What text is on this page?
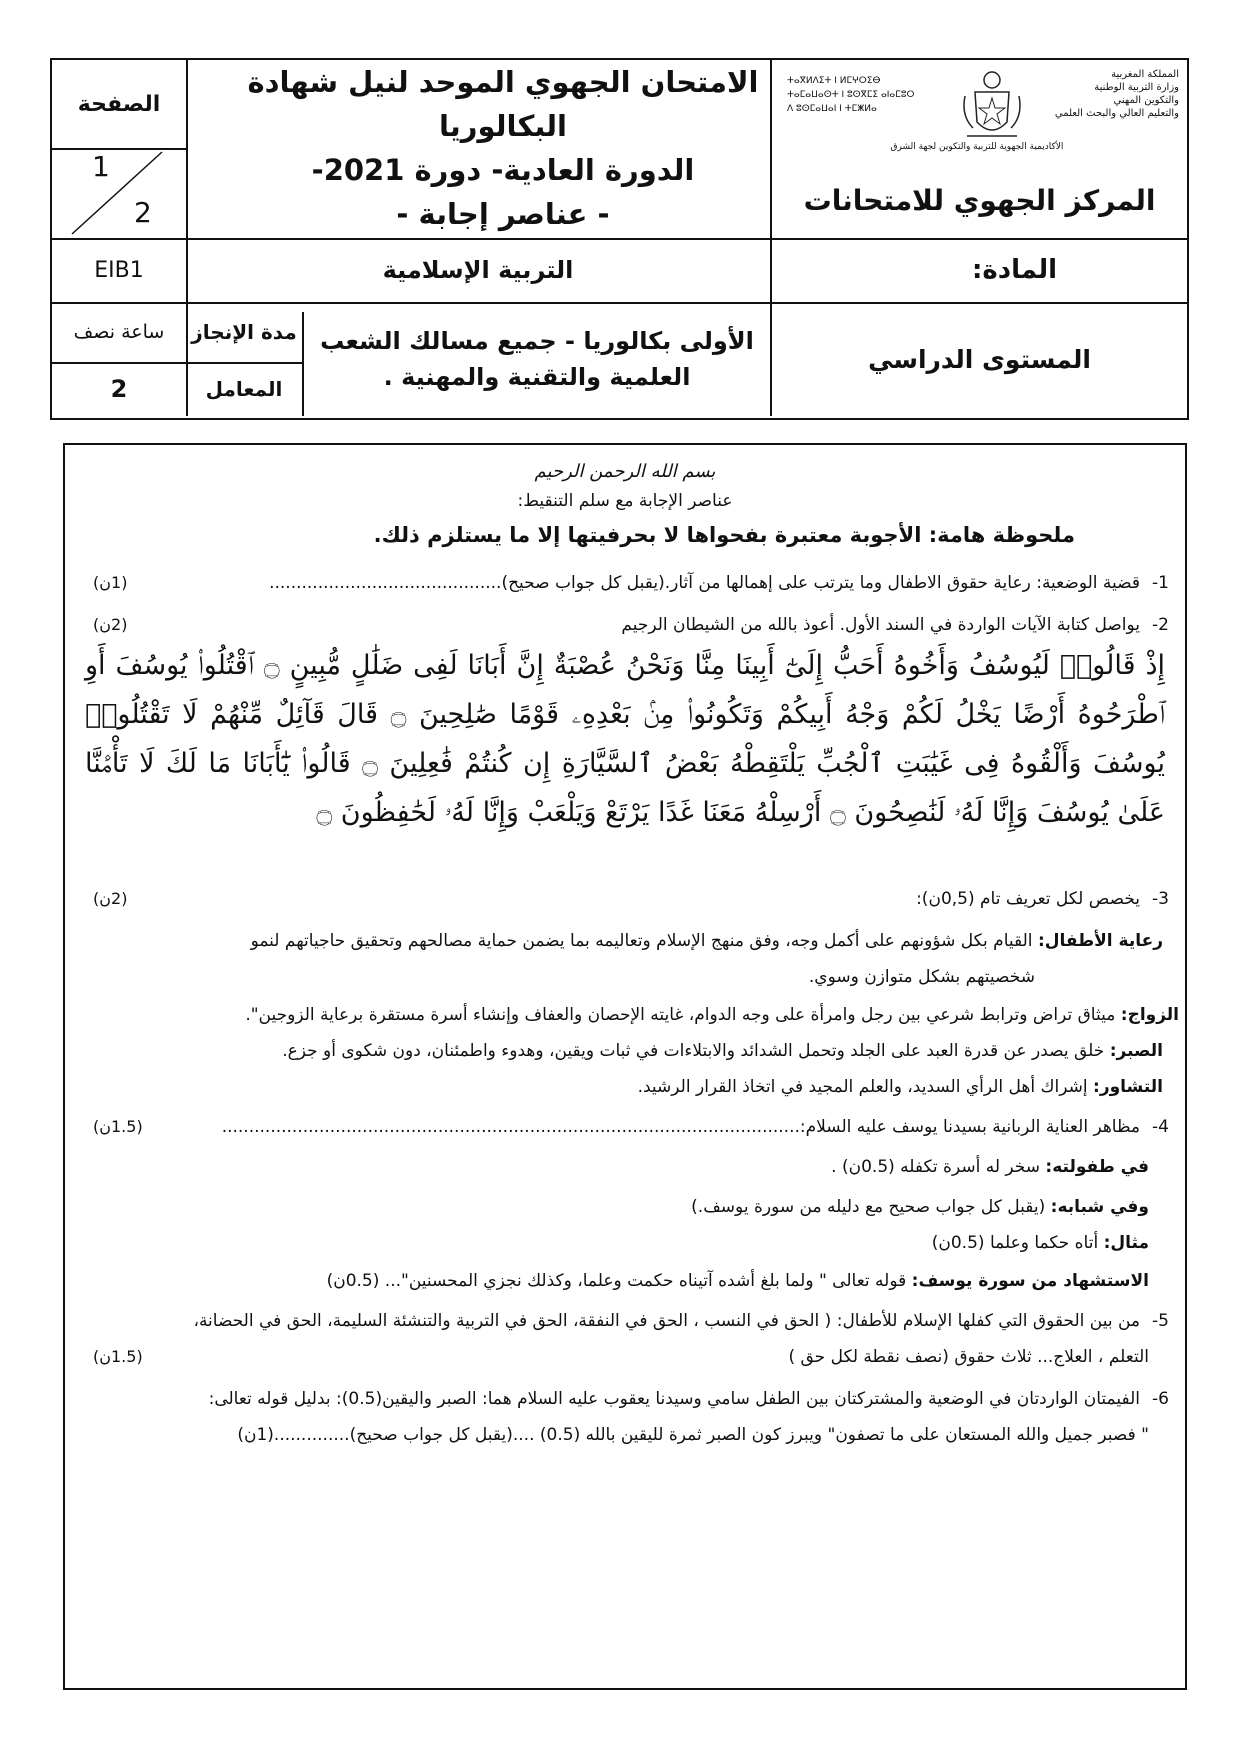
المملكة المغربية
وزارة التربية الوطنية
والتكوين المهني
والتعليم العالي والبحث العلمي
ⵜⴰⴳⵍⴷⵉⵜ ⵏ ⵍⵎⵖⵔⵉⴱ
ⵜⴰⵎⴰⵡⴰⵙⵜ ⵏ ⵓⵙⴳⵎⵉ ⴰⵏⴰⵎⵓⵔ
ⴷ ⵓⵙⵎⴰⵡⴰⵏ ⵏ ⵜⵎⵥⵍⴰ
الأكاديمية الجهوية للتربية والتكوين لجهة الشرق
المركز الجهوي للامتحانات
الامتحان الجهوي الموحد لنيل شهادة البكالوريا
الدورة العادية- دورة 2021-
- عناصر إجابة -
الصفحة
1
2
المادة:
التربية الإسلامية
EIB1
المستوى الدراسي
الأولى بكالوريا - جميع مسالك الشعب
العلمية والتقنية والمهنية .
مدة الإنجاز
المعامل
ساعة نصف
2
بسم الله الرحمن الرحيم
عناصر الإجابة مع سلم التنقيط:
ملحوظة هامة: الأجوبة معتبرة بفحواها لا بحرفيتها إلا ما يستلزم ذلك.
1-قضية الوضعية: رعاية حقوق الاطفال وما يترتب على إهمالها من آثار.(يقبل كل جواب صحيح)...........................................
(1ن)
2-يواصل كتابة الآيات الواردة في السند الأول. أعوذ بالله من الشيطان الرجيم
(2ن)
إِذْ قَالُوا۟ لَيُوسُفُ وَأَخُوهُ أَحَبُّ إِلَىٰٓ أَبِينَا مِنَّا وَنَحْنُ عُصْبَةٌ إِنَّ أَبَانَا لَفِى ضَلَٰلٍ مُّبِينٍ ۝ ٱقْتُلُوا۟ يُوسُفَ أَوِ ٱطْرَحُوهُ أَرْضًا يَخْلُ لَكُمْ وَجْهُ أَبِيكُمْ وَتَكُونُوا۟ مِنۢ بَعْدِهِۦ قَوْمًا صَٰلِحِينَ ۝ قَالَ قَآئِلٌ مِّنْهُمْ لَا تَقْتُلُوا۟ يُوسُفَ وَأَلْقُوهُ فِى غَيَٰبَتِ ٱلْجُبِّ يَلْتَقِطْهُ بَعْضُ ٱلسَّيَّارَةِ إِن كُنتُمْ فَٰعِلِينَ ۝ قَالُوا۟ يَٰٓأَبَانَا مَا لَكَ لَا تَأْمَ۫نَّا عَلَىٰ يُوسُفَ وَإِنَّا لَهُۥ لَنَٰصِحُونَ ۝ أَرْسِلْهُ مَعَنَا غَدًا يَرْتَعْ وَيَلْعَبْ وَإِنَّا لَهُۥ لَحَٰفِظُونَ ۝
3-يخصص لكل تعريف تام (0,5ن):
(2ن)
رعاية الأطفال: القيام بكل شؤونهم على أكمل وجه، وفق منهج الإسلام وتعاليمه بما يضمن حماية مصالحهم وتحقيق حاجياتهم لنمو
شخصيتهم بشكل متوازن وسوي.
الزواج: ميثاق تراض وترابط شرعي بين رجل وامرأة على وجه الدوام، غايته الإحصان والعفاف وإنشاء أسرة مستقرة برعاية الزوجين".
الصبر: خلق يصدر عن قدرة العبد على الجلد وتحمل الشدائد والابتلاءات في ثبات ويقين، وهدوء واطمئنان، دون شكوى أو جزع.
التشاور: إشراك أهل الرأي السديد، والعلم المجيد في اتخاذ القرار الرشيد.
4-مظاهر العناية الربانية بسيدنا يوسف عليه السلام:...........................................................................................................
(1.5ن)
في طفولته: سخر له أسرة تكفله (0.5ن) .
وفي شبابه: (يقبل كل جواب صحيح مع دليله من سورة يوسف.)
مثال: أتاه حكما وعلما (0.5ن)
الاستشهاد من سورة يوسف: قوله تعالى " ولما بلغ أشده آتيناه حكمت وعلما، وكذلك نجزي المحسنين"... (0.5ن)
5-من بين الحقوق التي كفلها الإسلام للأطفال: ( الحق في النسب ، الحق في النفقة، الحق في التربية والتنشئة السليمة، الحق في الحضانة،
التعلم ، العلاج... ثلاث حقوق (نصف نقطة لكل حق )
(1.5ن)
6-الفيمتان الواردتان في الوضعية والمشتركتان بين الطفل سامي وسيدنا يعقوب عليه السلام هما: الصبر واليقين(0.5): بدليل قوله تعالى:
" فصبر جميل والله المستعان على ما تصفون" ويبرز كون الصبر ثمرة لليقين بالله (0.5) ....(يقبل كل جواب صحيح)..............(1ن)
